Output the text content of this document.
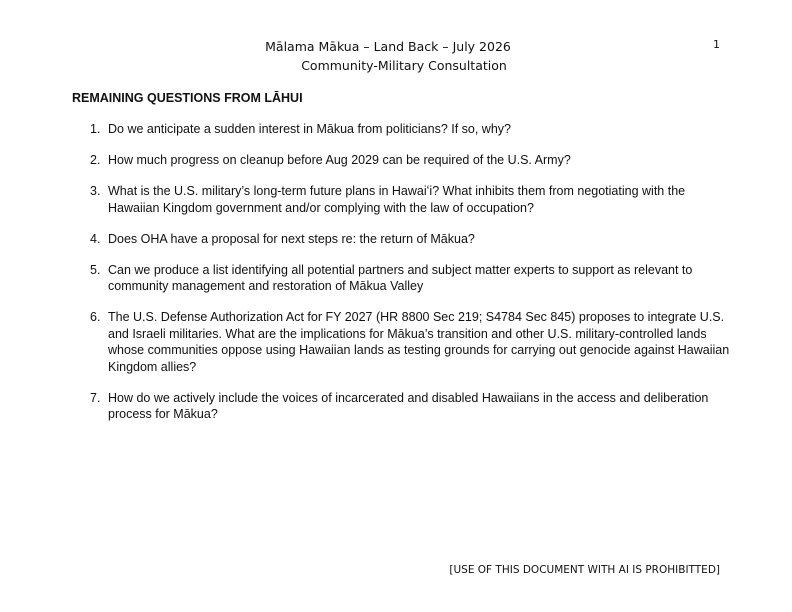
Mālama Mākua – Land Back – July 2026
Community-Military Consultation
1
REMAINING QUESTIONS FROM LĀHUI
1. Do we anticipate a sudden interest in Mākua from politicians? If so, why?
2. How much progress on cleanup before Aug 2029 can be required of the U.S. Army?
3. What is the U.S. military’s long-term future plans in Hawaiʻi? What inhibits them from negotiating with the Hawaiian Kingdom government and/or complying with the law of occupation?
4. Does OHA have a proposal for next steps re: the return of Mākua?
5. Can we produce a list identifying all potential partners and subject matter experts to support as relevant to community management and restoration of Mākua Valley
6. The U.S. Defense Authorization Act for FY 2027 (HR 8800 Sec 219; S4784 Sec 845) proposes to integrate U.S. and Israeli militaries. What are the implications for Mākua’s transition and other U.S. military-controlled lands whose communities oppose using Hawaiian lands as testing grounds for carrying out genocide against Hawaiian Kingdom allies?
7. How do we actively include the voices of incarcerated and disabled Hawaiians in the access and deliberation process for Mākua?
[USE OF THIS DOCUMENT WITH AI IS PROHIBITTED]
